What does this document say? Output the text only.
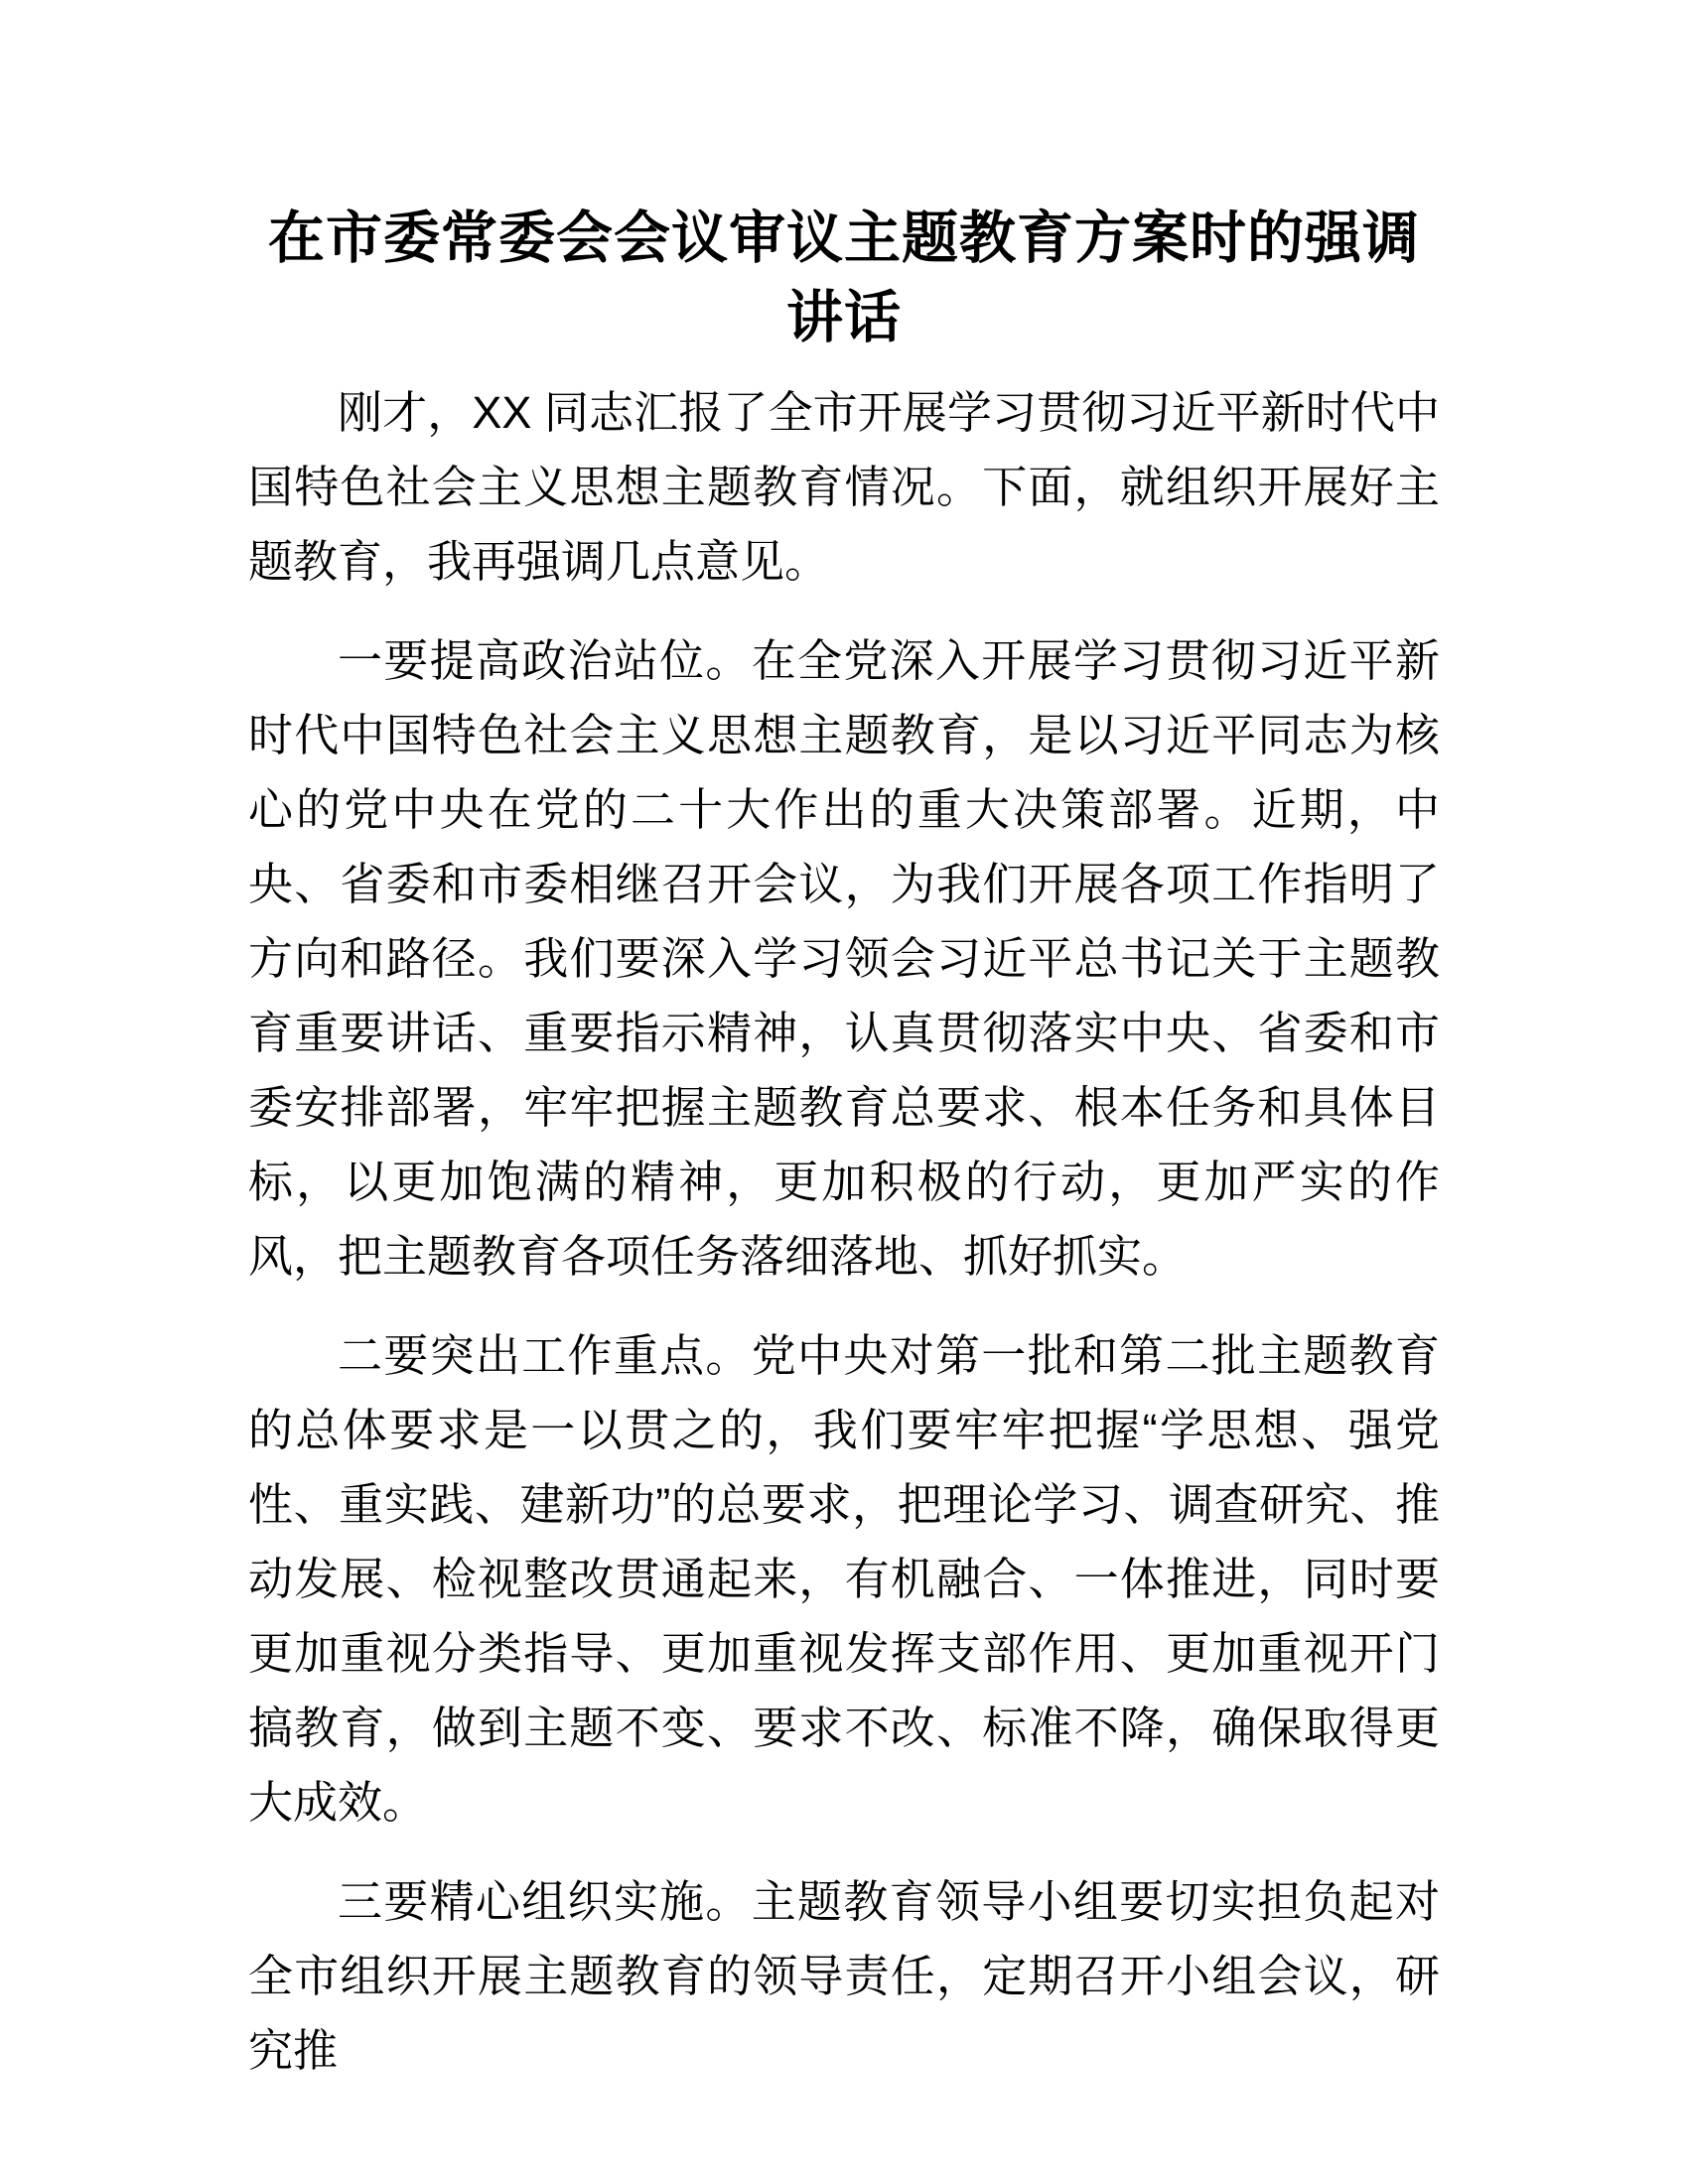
在市委常委会会议审议主题教育方案时的强调
讲话

刚才，XX 同志汇报了全市开展学习贯彻习近平新时代中国特色社会主义思想主题教育情况。下面，就组织开展好主题教育，我再强调几点意见。

一要提高政治站位。在全党深入开展学习贯彻习近平新时代中国特色社会主义思想主题教育，是以习近平同志为核心的党中央在党的二十大作出的重大决策部署。近期，中央、省委和市委相继召开会议，为我们开展各项工作指明了方向和路径。我们要深入学习领会习近平总书记关于主题教育重要讲话、重要指示精神，认真贯彻落实中央、省委和市委安排部署，牢牢把握主题教育总要求、根本任务和具体目标，以更加饱满的精神，更加积极的行动，更加严实的作风，把主题教育各项任务落细落地、抓好抓实。

二要突出工作重点。党中央对第一批和第二批主题教育的总体要求是一以贯之的，我们要牢牢把握“学思想、强党性、重实践、建新功”的总要求，把理论学习、调查研究、推动发展、检视整改贯通起来，有机融合、一体推进，同时要更加重视分类指导、更加重视发挥支部作用、更加重视开门搞教育，做到主题不变、要求不改、标准不降，确保取得更大成效。

三要精心组织实施。主题教育领导小组要切实担负起对全市组织开展主题教育的领导责任，定期召开小组会议，研究推
